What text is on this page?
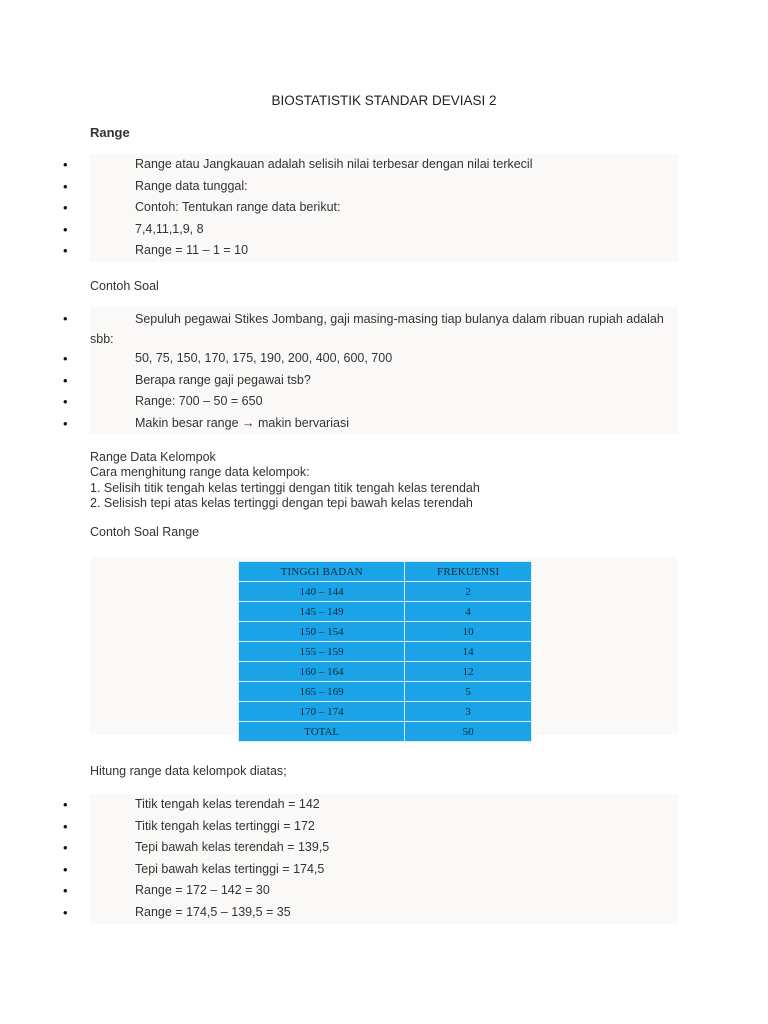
BIOSTATISTIK STANDAR DEVIASI 2
Range
•	Range atau Jangkauan adalah selisih nilai terbesar dengan nilai terkecil
•	Range data tunggal:
•	Contoh: Tentukan range data berikut:
•	7,4,11,1,9, 8
•	Range = 11 – 1 = 10
Contoh Soal
•	Sepuluh pegawai Stikes Jombang, gaji masing-masing tiap bulanya dalam ribuan rupiah adalah sbb:
•	50, 75, 150, 170, 175, 190, 200, 400, 600, 700
•	Berapa range gaji pegawai tsb?
•	Range: 700 – 50 = 650
•	Makin besar range → makin bervariasi
Range Data Kelompok
Cara menghitung range data kelompok:
1. Selisih titik tengah kelas tertinggi dengan titik tengah kelas terendah
2. Selisish tepi atas kelas tertinggi dengan tepi bawah kelas terendah
Contoh Soal Range
TINGGI BADAN	FREKUENSI
140 – 144	2
145 – 149	4
150 – 154	10
155 – 159	14
160 – 164	12
165 – 169	5
170 – 174	3
TOTAL	50
Hitung range data kelompok diatas;
•	Titik tengah kelas terendah = 142
•	Titik tengah kelas tertinggi = 172
•	Tepi bawah kelas terendah = 139,5
•	Tepi bawah kelas tertinggi = 174,5
•	Range = 172 – 142 = 30
•	Range = 174,5 – 139,5 = 35
